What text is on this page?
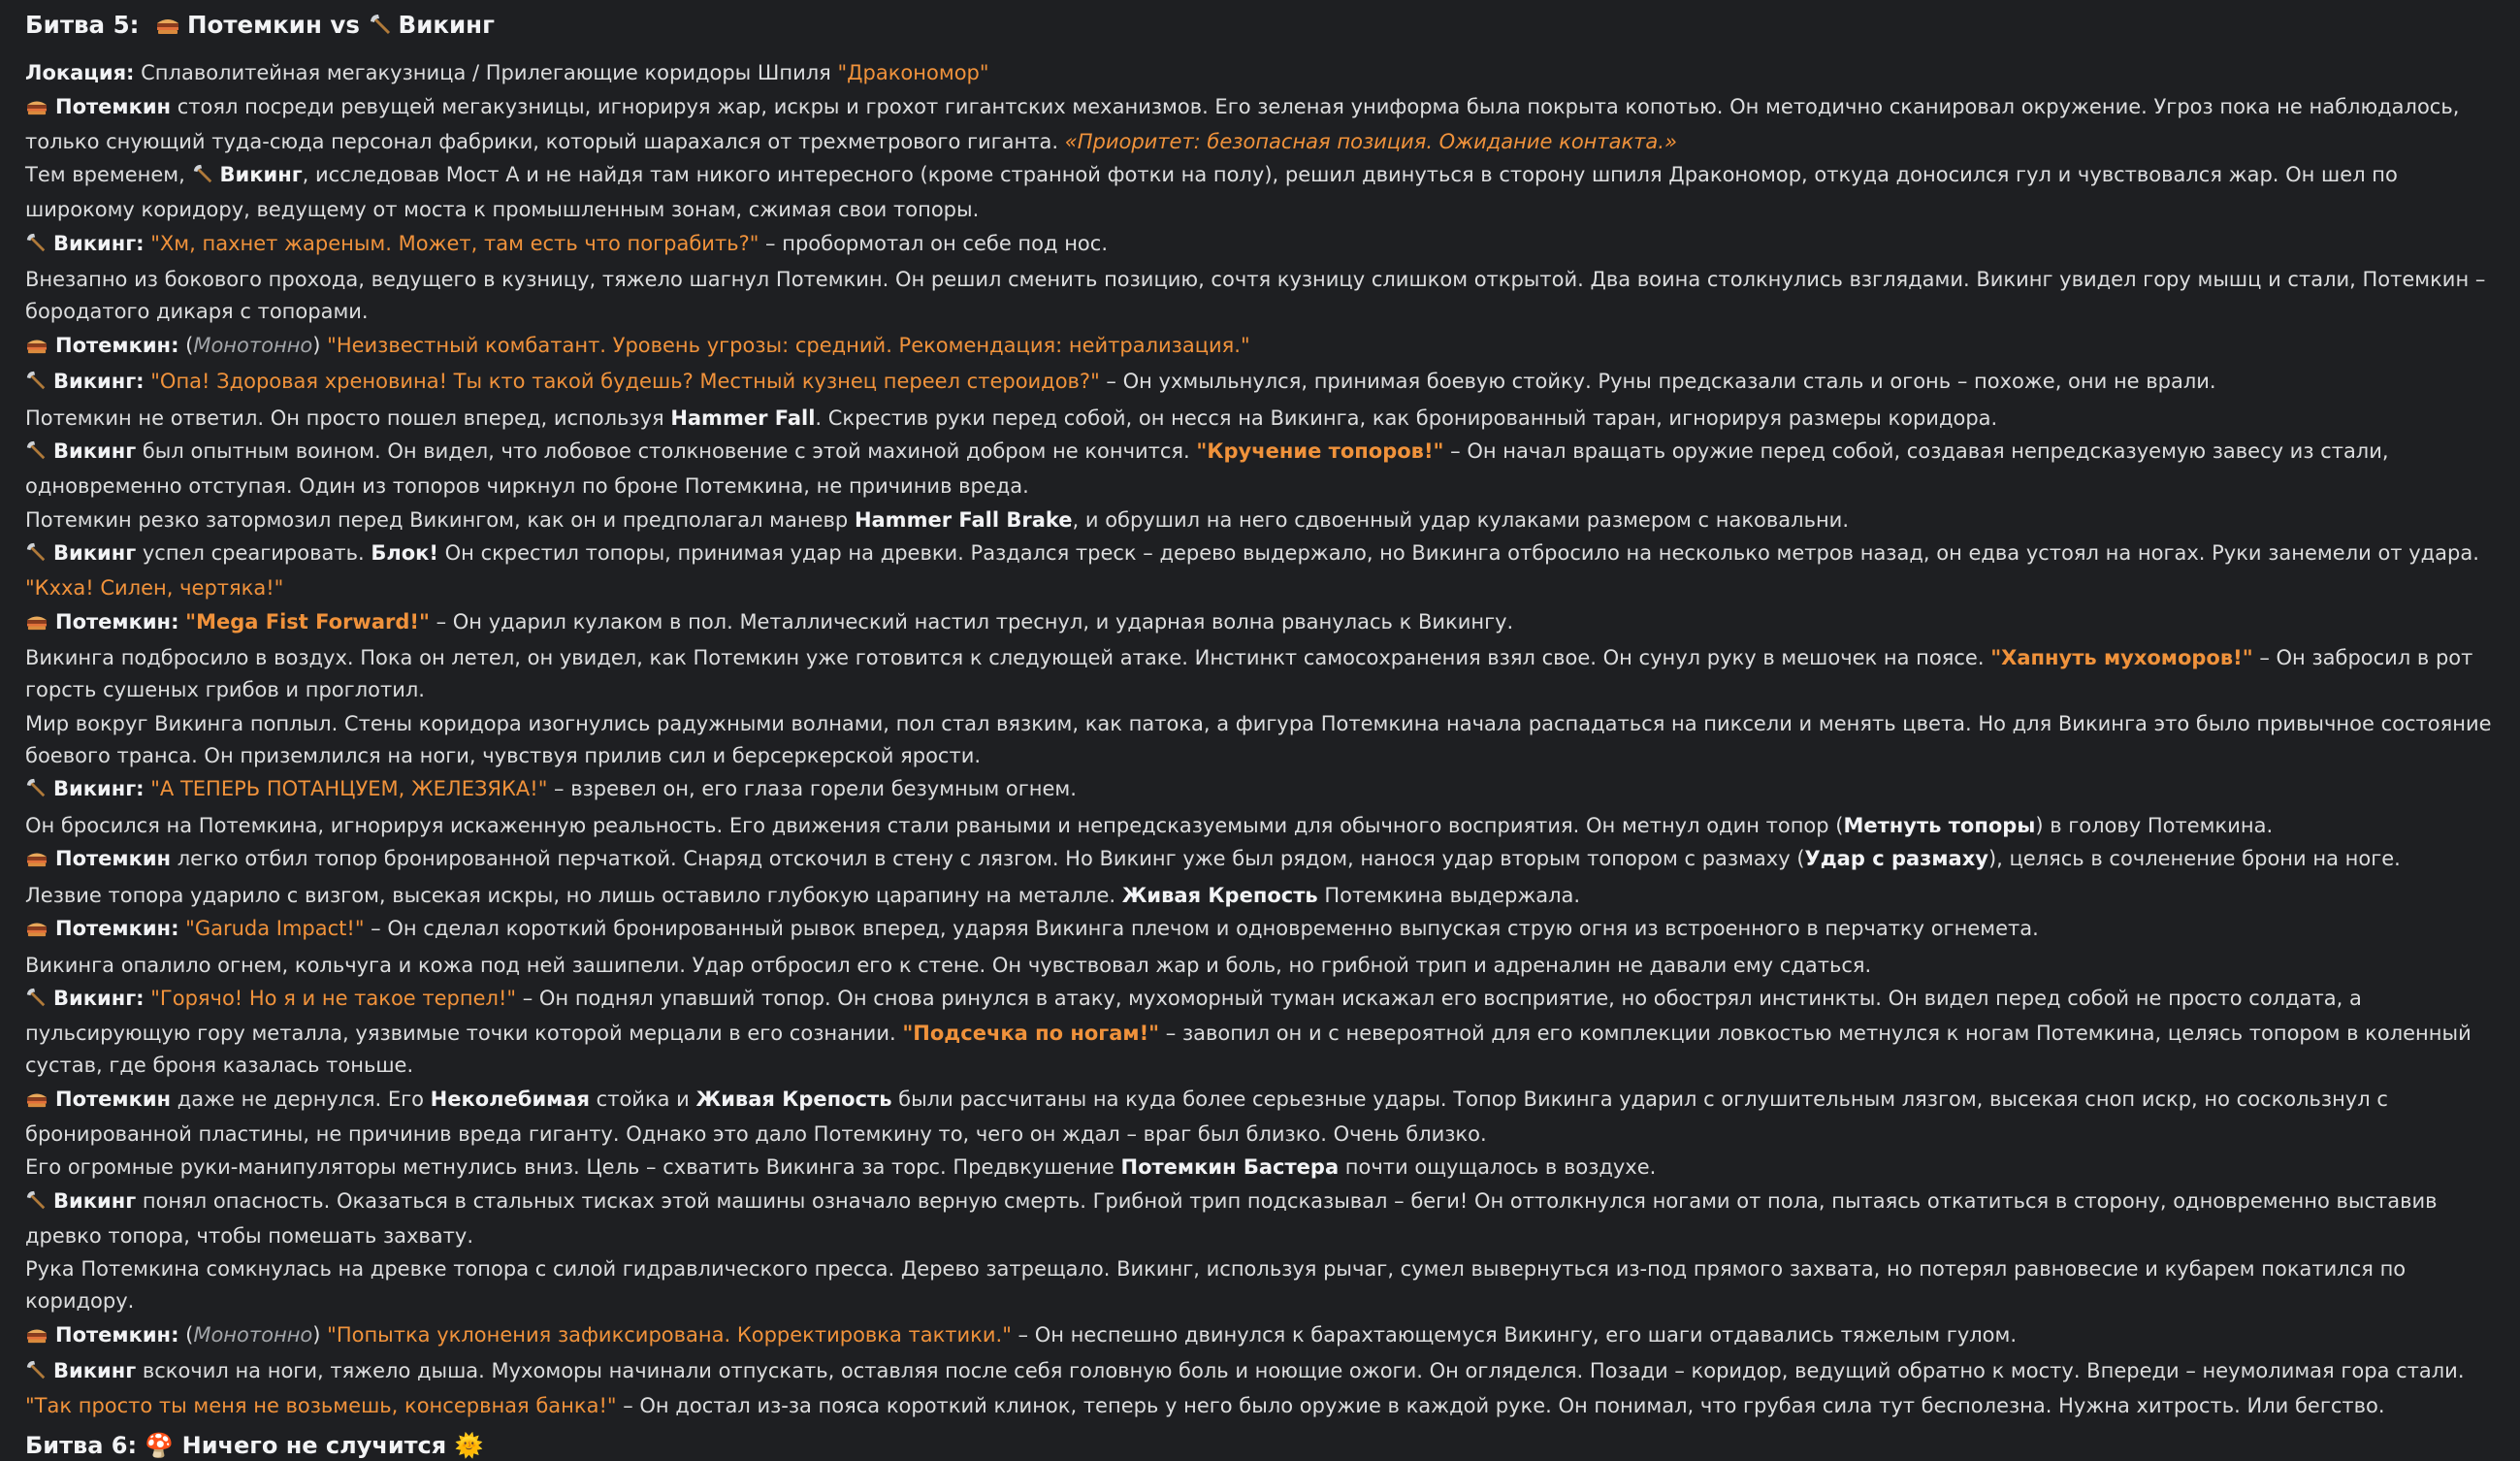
Битва 5: Потемкин vs Викинг

Локация: Сплаволитейная мегакузница / Прилегающие коридоры Шпиля "Дракономор"

Потемкин стоял посреди ревущей мегакузницы, игнорируя жар, искры и грохот гигантских механизмов. Его зеленая униформа была покрыта копотью. Он методично сканировал окружение. Угроз пока не наблюдалось, только снующий туда-сюда персонал фабрики, который шарахался от трехметрового гиганта. «Приоритет: безопасная позиция. Ожидание контакта.»

Тем временем, Викинг, исследовав Мост А и не найдя там никого интересного (кроме странной фотки на полу), решил двинуться в сторону шпиля Дракономор, откуда доносился гул и чувствовался жар. Он шел по широкому коридору, ведущему от моста к промышленным зонам, сжимая свои топоры.

Викинг: "Хм, пахнет жареным. Может, там есть что пограбить?" – пробормотал он себе под нос.

Внезапно из бокового прохода, ведущего в кузницу, тяжело шагнул Потемкин. Он решил сменить позицию, сочтя кузницу слишком открытой. Два воина столкнулись взглядами. Викинг увидел гору мышц и стали, Потемкин – бородатого дикаря с топорами.

Потемкин: (Монотонно) "Неизвестный комбатант. Уровень угрозы: средний. Рекомендация: нейтрализация."

Викинг: "Опа! Здоровая хреновина! Ты кто такой будешь? Местный кузнец переел стероидов?" – Он ухмыльнулся, принимая боевую стойку. Руны предсказали сталь и огонь – похоже, они не врали.

Потемкин не ответил. Он просто пошел вперед, используя Hammer Fall. Скрестив руки перед собой, он несся на Викинга, как бронированный таран, игнорируя размеры коридора.

Викинг был опытным воином. Он видел, что лобовое столкновение с этой махиной добром не кончится. "Кручение топоров!" – Он начал вращать оружие перед собой, создавая непредсказуемую завесу из стали, одновременно отступая. Один из топоров чиркнул по броне Потемкина, не причинив вреда.

Потемкин резко затормозил перед Викингом, как он и предполагал маневр Hammer Fall Brake, и обрушил на него сдвоенный удар кулаками размером с наковальни.

Викинг успел среагировать. Блок! Он скрестил топоры, принимая удар на древки. Раздался треск – дерево выдержало, но Викинга отбросило на несколько метров назад, он едва устоял на ногах. Руки занемели от удара. "Кхха! Силен, чертяка!"

Потемкин: "Mega Fist Forward!" – Он ударил кулаком в пол. Металлический настил треснул, и ударная волна рванулась к Викингу.

Викинга подбросило в воздух. Пока он летел, он увидел, как Потемкин уже готовится к следующей атаке. Инстинкт самосохранения взял свое. Он сунул руку в мешочек на поясе. "Хапнуть мухоморов!" – Он забросил в рот горсть сушеных грибов и проглотил.

Мир вокруг Викинга поплыл. Стены коридора изогнулись радужными волнами, пол стал вязким, как патока, а фигура Потемкина начала распадаться на пиксели и менять цвета. Но для Викинга это было привычное состояние боевого транса. Он приземлился на ноги, чувствуя прилив сил и берсеркерской ярости.

Викинг: "А ТЕПЕРЬ ПОТАНЦУЕМ, ЖЕЛЕЗЯКА!" – взревел он, его глаза горели безумным огнем.

Он бросился на Потемкина, игнорируя искаженную реальность. Его движения стали рваными и непредсказуемыми для обычного восприятия. Он метнул один топор (Метнуть топоры) в голову Потемкина.

Потемкин легко отбил топор бронированной перчаткой. Снаряд отскочил в стену с лязгом. Но Викинг уже был рядом, нанося удар вторым топором с размаху (Удар с размаху), целясь в сочленение брони на ноге.

Лезвие топора ударило с визгом, высекая искры, но лишь оставило глубокую царапину на металле. Живая Крепость Потемкина выдержала.

Потемкин: "Garuda Impact!" – Он сделал короткий бронированный рывок вперед, ударяя Викинга плечом и одновременно выпуская струю огня из встроенного в перчатку огнемета.

Викинга опалило огнем, кольчуга и кожа под ней зашипели. Удар отбросил его к стене. Он чувствовал жар и боль, но грибной трип и адреналин не давали ему сдаться.

Викинг: "Горячо! Но я и не такое терпел!" – Он поднял упавший топор. Он снова ринулся в атаку, мухоморный туман искажал его восприятие, но обострял инстинкты. Он видел перед собой не просто солдата, а пульсирующую гору металла, уязвимые точки которой мерцали в его сознании. "Подсечка по ногам!" – завопил он и с невероятной для его комплекции ловкостью метнулся к ногам Потемкина, целясь топором в коленный сустав, где броня казалась тоньше.

Потемкин даже не дернулся. Его Неколебимая стойка и Живая Крепость были рассчитаны на куда более серьезные удары. Топор Викинга ударил с оглушительным лязгом, высекая сноп искр, но соскользнул с бронированной пластины, не причинив вреда гиганту. Однако это дало Потемкину то, чего он ждал – враг был близко. Очень близко.

Его огромные руки-манипуляторы метнулись вниз. Цель – схватить Викинга за торс. Предвкушение Потемкин Бастера почти ощущалось в воздухе.

Викинг понял опасность. Оказаться в стальных тисках этой машины означало верную смерть. Грибной трип подсказывал – беги! Он оттолкнулся ногами от пола, пытаясь откатиться в сторону, одновременно выставив древко топора, чтобы помешать захвату.

Рука Потемкина сомкнулась на древке топора с силой гидравлического пресса. Дерево затрещало. Викинг, используя рычаг, сумел вывернуться из-под прямого захвата, но потерял равновесие и кубарем покатился по коридору.

Потемкин: (Монотонно) "Попытка уклонения зафиксирована. Корректировка тактики." – Он неспешно двинулся к барахтающемуся Викингу, его шаги отдавались тяжелым гулом.

Викинг вскочил на ноги, тяжело дыша. Мухоморы начинали отпускать, оставляя после себя головную боль и ноющие ожоги. Он огляделся. Позади – коридор, ведущий обратно к мосту. Впереди – неумолимая гора стали. "Так просто ты меня не возьмешь, консервная банка!" – Он достал из-за пояса короткий клинок, теперь у него было оружие в каждой руке. Он понимал, что грубая сила тут бесполезна. Нужна хитрость. Или бегство.

Битва 6: 🍄 Ничего не случится 🌞
